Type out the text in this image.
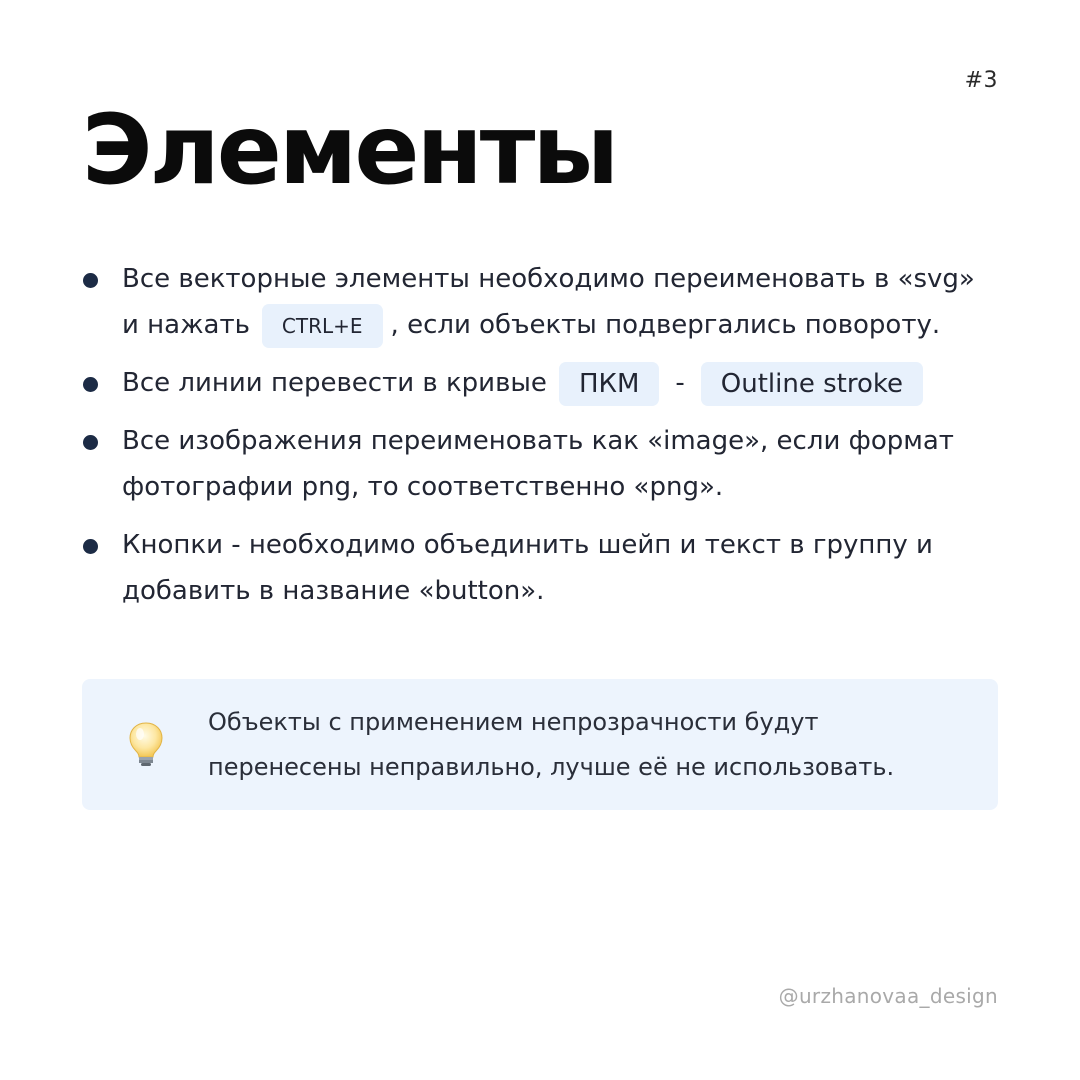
#3
Элементы
Все векторные элементы необходимо переименовать в «svg»
и нажать CTRL+E , если объекты подвергались повороту.
Все линии перевести в кривые ПКМ - Outline stroke
Все изображения переименовать как «image», если формат
фотографии png, то соответственно «png».
Кнопки - необходимо объединить шейп и текст в группу и
добавить в название «button».
Объекты с применением непрозрачности будут
перенесены неправильно, лучше её не использовать.
@urzhanovaa_design
